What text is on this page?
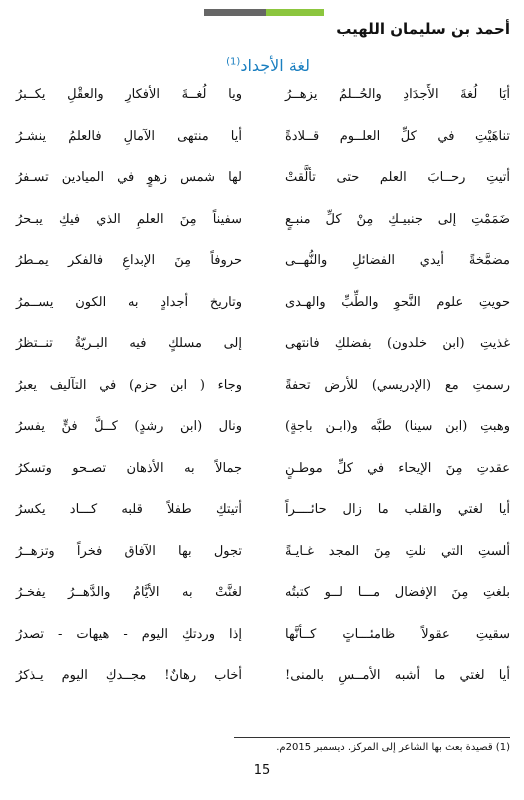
أحمد بن سليمان اللهيب
لغة الأجداد$^{(1)}$
أيَا لُغةَ الأَجدَادِ والحُــلمُ يزهــرُ
ويا لُغــةَ الأفكارِ والعقْلِ يكــبرُ
تناهَيْتِ في كلِّ العلــوم قــلادةً
أيا منتهى الآمالِ فالعلمُ ينشـرُ
أتيتِ رحــابَ العلم حتى تألَّقتْ
لها شمس زهوٍ في الميادين تسـفرُ
ضَمَمْتِ إلى جنبيـكِ مِنْ كلِّ منبـعٍ
سفيناً مِنَ العلمِ الذي فيكِ يبـحرُ
مضمَّخةً أيدي الفضائلِ والنُّهــى
حروفاً مِنَ الإبداعِ فالفكر يمـطرُ
حويتِ علوم النَّحوِ والطِّبِّ والهـدى
وتاريخ أجدادٍ به الكون يســمرُ
غذيتِ (ابن خلدون) بفضلكِ فانتهى
إلى مسلكٍ فيه البـريّةُ تنــتظرُ
رسمتِ مع (الإدريسي) للأرض تحفةً
وجاء ( ابن حزم) في التآليف يعبرُ
وهبتِ (ابن سينا) طبَّه و(ابـن باجةٍ)
ونال (ابن رشدٍ) كــلَّ فنٍّ يفسرُ
عقدتِ مِنَ الإيحاء في كلِّ موطـنٍ
جمالاً به الأذهان تصـحو وتسكرُ
أيا لغتي والقلب ما زال حائــــراً
أتيتكِ طفلاً قلبه كـــاد يكسرُ
ألستِ التي نلتِ مِنَ المجد غـايـةً
تجول بها الآفاق فخراً وتزهــرُ
بلغتِ مِنَ الإفضال مـــا لــو كتبتُه
لغنَّتْ به الأيَّامُ والدَّهــرُ يفخـرُ
سقيتِ عقولاً ظامئـــاتٍ كــأنَّها
إذا وردتكِ اليوم - هيهات - تصدرُ
أيا لغتي ما أشبه الأمــسِ بالمنى!
أخاب رهانٌ! مجــدكِ اليوم يـذكرُ
(1) قصيدة بعث بها الشاعر إلى المركز. ديسمبر 2015م.
15
